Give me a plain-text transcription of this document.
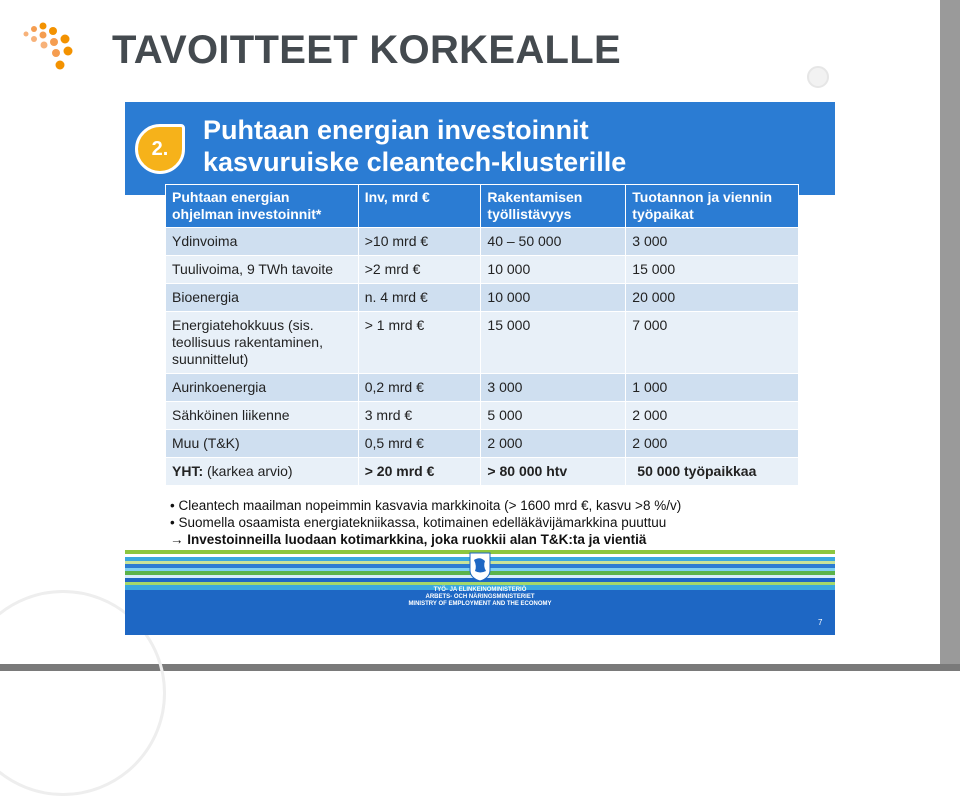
TAVOITTEET KORKEALLE
2.
Puhtaan energian investoinnit
kasvuruiske cleantech-klusterille
Puhtaan energian ohjelman investoinnit*	Inv, mrd €	Rakentamisen työllistävyys	Tuotannon ja viennin työpaikat
Ydinvoima	>10 mrd €	40 – 50 000	3 000
Tuulivoima, 9 TWh tavoite	>2 mrd €	10 000	15 000
Bioenergia	n. 4 mrd €	10 000	20 000
Energiatehokkuus (sis. teollisuus rakentaminen, suunnittelut)	> 1 mrd €	15 000	7 000
Aurinkoenergia	0,2 mrd €	3 000	1 000
Sähköinen liikenne	3 mrd €	5 000	2 000
Muu (T&K)	0,5 mrd €	2 000	2 000
YHT: (karkea arvio)	> 20 mrd €	> 80 000 htv	50 000 työpaikkaa
• Cleantech maailman nopeimmin kasvavia markkinoita (> 1600 mrd €, kasvu >8 %/v)
• Suomella osaamista energiatekniikassa, kotimainen edelläkävijämarkkina puuttuu
→ Investoinneilla luodaan kotimarkkina, joka ruokkii alan T&K:ta ja vientiä
TYÖ- JA ELINKEINOMINISTERIÖ
ARBETS- OCH NÄRINGSMINISTERIET
MINISTRY OF EMPLOYMENT AND THE ECONOMY
7
